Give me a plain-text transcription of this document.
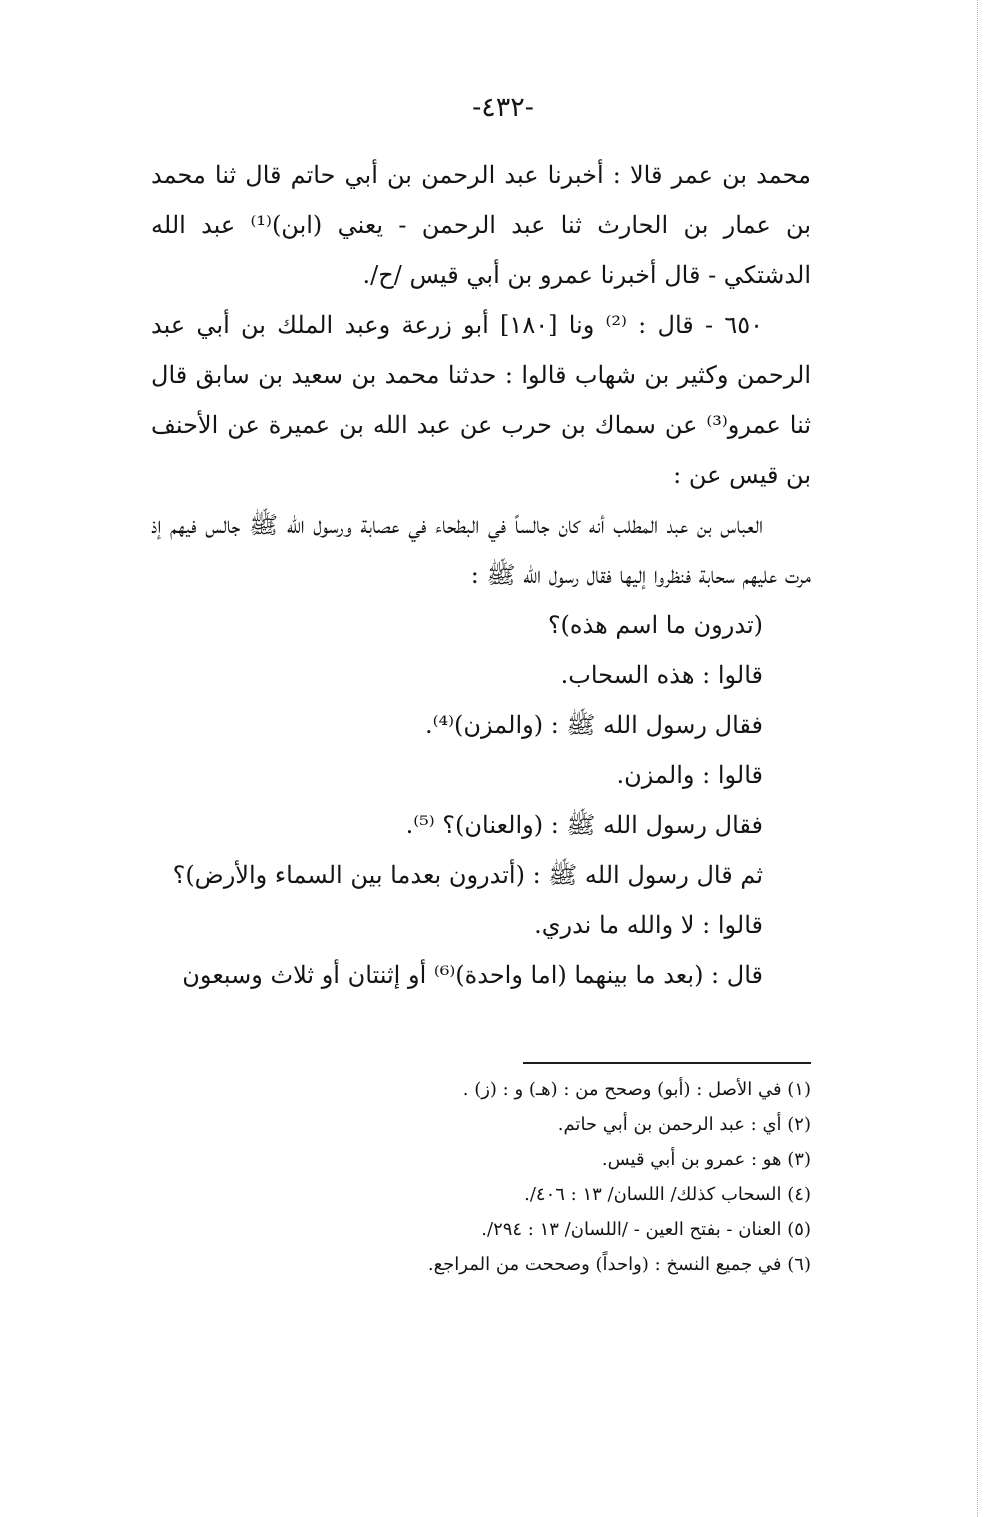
-٤٣٢-

محمد بن عمر قالا : أخبرنا عبد الرحمن بن أبي حاتم قال ثنا محمد بن عمار بن الحارث ثنا عبد الرحمن - يعني (ابن)⁽¹⁾ عبد الله الدشتكي - قال أخبرنا عمرو بن أبي قيس /ح/.

٦٥٠ - قال : ⁽²⁾ ونا [١٨٠] أبو زرعة وعبد الملك بن أبي عبد الرحمن وكثير بن شهاب قالوا : حدثنا محمد بن سعيد بن سابق قال ثنا عمرو⁽³⁾ عن سماك بن حرب عن عبد الله بن عميرة عن الأحنف بن قيس عن :

العباس بن عبد المطلب أنه كان جالساً في البطحاء في عصابة ورسول الله ﷺ جالس فيهم إذ مرت عليهم سحابة فنظروا إليها فقال رسول الله ﷺ :

(تدرون ما اسم هذه)؟

قالوا : هذه السحاب.

فقال رسول الله ﷺ : (والمزن)⁽⁴⁾.

قالوا : والمزن.

فقال رسول الله ﷺ : (والعنان)؟ ⁽⁵⁾.

ثم قال رسول الله ﷺ : (أتدرون بعدما بين السماء والأرض)؟

قالوا : لا والله ما ندري.

قال : (بعد ما بينهما (اما واحدة)⁽⁶⁾ أو إثنتان أو ثلاث وسبعون

(١) في الأصل : (أبو) وصحح من : (هـ) و : (ز) .

(٢) أي : عبد الرحمن بن أبي حاتم.

(٣) هو : عمرو بن أبي قيس.

(٤) السحاب كذلك/ اللسان/ ١٣ : ٤٠٦/.

(٥) العنان - بفتح العين - /اللسان/ ١٣ : ٢٩٤/.

(٦) في جميع النسخ : (واحداً) وصححت من المراجع.
